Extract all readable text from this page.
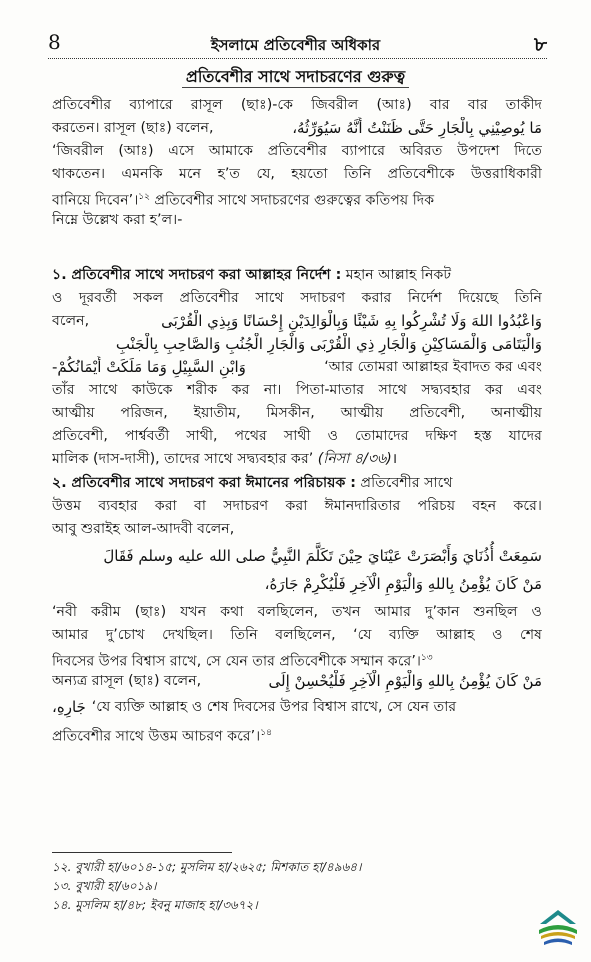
8	ইসলামে প্রতিবেশীর অধিকার	৮
প্রতিবেশীর সাথে সদাচরণের গুরুত্ব
প্রতিবেশীর ব্যাপারে রাসূল (ছাঃ)-কে জিবরীল (আঃ) বার বার তাকীদ
করতেন। রাসূল (ছাঃ) বলেন,	مَا يُوصِيْنِي بِالْجَارِ حَتَّى ظَنَنْتُ أَنَّهُ سَيُوَرِّثُهُ،
‘জিবরীল (আঃ) এসে আমাকে প্রতিবেশীর ব্যাপারে অবিরত উপদেশ দিতে
থাকতেন। এমনকি মনে হ’ত যে, হয়তো তিনি প্রতিবেশীকে উত্তরাধিকারী
বানিয়ে দিবেন’।$^{১২}$ প্রতিবেশীর সাথে সদাচরণের গুরুত্বের কতিপয় দিক
নিম্নে উল্লেখ করা হ’ল।-
১. প্রতিবেশীর সাথে সদাচরণ করা আল্লাহর নির্দেশ : মহান আল্লাহ নিকট
ও দূরবর্তী সকল প্রতিবেশীর সাথে সদাচরণ করার নির্দেশ দিয়েছে তিনি
বলেন,	وَاعْبُدُوا اللهَ وَلَا تُشْرِكُوا بِهِ شَيْئًا وَبِالْوَالِدَيْنِ إِحْسَانًا وَبِذِي الْقُرْبَى
وَالْيَتَامَى وَالْمَسَاكِيْنِ وَالْجَارِ ذِي الْقُرْبَى وَالْجَارِ الْجُنُبِ وَالصَّاحِبِ بِالْجَنْبِ
وَابْنِ السَّبِيْلِ وَمَا مَلَكَتْ أَيْمَانُكُمْ-	‘আর তোমরা আল্লাহর ইবাদত কর এবং
তাঁর সাথে কাউকে শরীক কর না। পিতা-মাতার সাথে সদ্ব্যবহার কর এবং
আত্মীয় পরিজন, ইয়াতীম, মিসকীন, আত্মীয় প্রতিবেশী, অনাত্মীয়
প্রতিবেশী, পার্শ্ববর্তী সাথী, পথের সাথী ও তোমাদের দক্ষিণ হস্ত যাদের
মালিক (দাস-দাসী), তাদের সাথে সদ্ব্যবহার কর’ (নিসা ৪/৩৬)।
২. প্রতিবেশীর সাথে সদাচরণ করা ঈমানের পরিচায়ক : প্রতিবেশীর সাথে
উত্তম ব্যবহার করা বা সদাচরণ করা ঈমানদারিতার পরিচয় বহন করে।
আবু শুরাইহ আল-আদবী বলেন,
سَمِعَتْ أُذُنَايَ وَأَبْصَرَتْ عَيْنَايَ حِيْنَ تَكَلَّمَ النَّبِيُّ صلى الله عليه وسلم فَقَالَ
مَنْ كَانَ يُؤْمِنُ بِاللهِ وَالْيَوْمِ الْآخِرِ فَلْيُكْرِمْ جَارَهُ،
‘নবী করীম (ছাঃ) যখন কথা বলছিলেন, তখন আমার দু’কান শুনছিল ও
আমার দু’চোখ দেখছিল। তিনি বলছিলেন, ‘যে ব্যক্তি আল্লাহ ও শেষ
দিবসের উপর বিশ্বাস রাখে, সে যেন তার প্রতিবেশীকে সম্মান করে’।$^{১৩}$
অন্যত্র রাসূল (ছাঃ) বলেন,	مَنْ كَانَ يُؤْمِنُ بِاللهِ وَالْيَوْمِ الْآخِرِ فَلْيُحْسِنْ إِلَى
جَارِهِ، ‘যে ব্যক্তি আল্লাহ ও শেষ দিবসের উপর বিশ্বাস রাখে, সে যেন তার
প্রতিবেশীর সাথে উত্তম আচরণ করে’।$^{১৪}$
১২. বুখারী হা/৬০১৪-১৫; মুসলিম হা/২৬২৫; মিশকাত হা/৪৯৬৪।
১৩. বুখারী হা/৬০১৯।
১৪. মুসলিম হা/৪৮; ইবনু মাজাহ হা/৩৬৭২।
